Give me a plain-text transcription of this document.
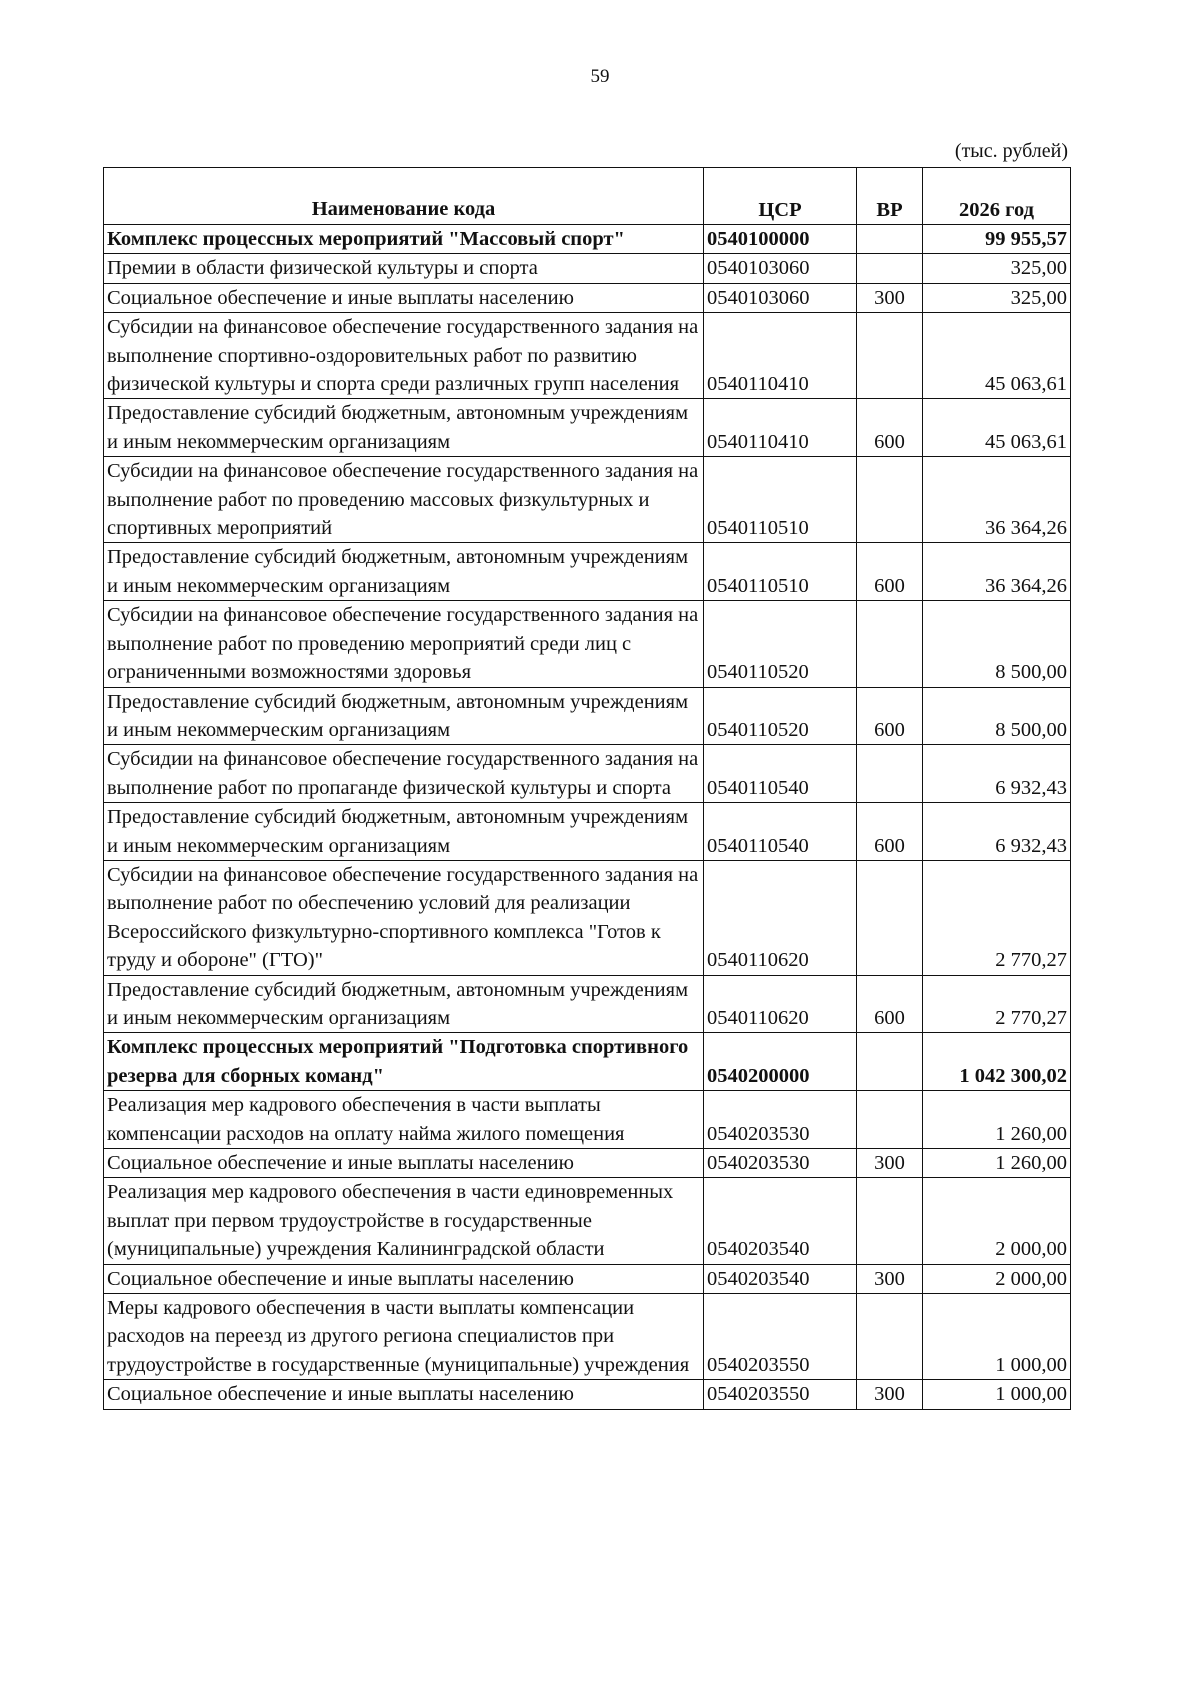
59
(тыс. рублей)
Наименование кода	ЦСР	ВР	2026 год
Комплекс процессных мероприятий "Массовый спорт"	0540100000		99 955,57
Премии в области физической культуры и спорта	0540103060		325,00
Социальное обеспечение и иные выплаты населению	0540103060	300	325,00
Субсидии на финансовое обеспечение государственного задания на выполнение спортивно-оздоровительных работ по развитию физической культуры и спорта среди различных групп населения	0540110410		45 063,61
Предоставление субсидий бюджетным, автономным учреждениям и иным некоммерческим организациям	0540110410	600	45 063,61
Субсидии на финансовое обеспечение государственного задания на выполнение работ по проведению массовых физкультурных и спортивных мероприятий	0540110510		36 364,26
Предоставление субсидий бюджетным, автономным учреждениям и иным некоммерческим организациям	0540110510	600	36 364,26
Субсидии на финансовое обеспечение государственного задания на выполнение работ по проведению мероприятий среди лиц с ограниченными возможностями здоровья	0540110520		8 500,00
Предоставление субсидий бюджетным, автономным учреждениям и иным некоммерческим организациям	0540110520	600	8 500,00
Субсидии на финансовое обеспечение государственного задания на выполнение работ по пропаганде физической культуры и спорта	0540110540		6 932,43
Предоставление субсидий бюджетным, автономным учреждениям и иным некоммерческим организациям	0540110540	600	6 932,43
Субсидии на финансовое обеспечение государственного задания на выполнение работ по обеспечению условий для реализации Всероссийского физкультурно-спортивного комплекса "Готов к труду и обороне" (ГТО)"	0540110620		2 770,27
Предоставление субсидий бюджетным, автономным учреждениям и иным некоммерческим организациям	0540110620	600	2 770,27
Комплекс процессных мероприятий "Подготовка спортивного резерва для сборных команд"	0540200000		1 042 300,02
Реализация мер кадрового обеспечения в части выплаты компенсации расходов на оплату найма жилого помещения	0540203530		1 260,00
Социальное обеспечение и иные выплаты населению	0540203530	300	1 260,00
Реализация мер кадрового обеспечения в части единовременных выплат при первом трудоустройстве в государственные (муниципальные) учреждения Калининградской области	0540203540		2 000,00
Социальное обеспечение и иные выплаты населению	0540203540	300	2 000,00
Меры кадрового обеспечения в части выплаты компенсации расходов на переезд из другого региона специалистов при трудоустройстве в государственные (муниципальные) учреждения	0540203550		1 000,00
Социальное обеспечение и иные выплаты населению	0540203550	300	1 000,00
